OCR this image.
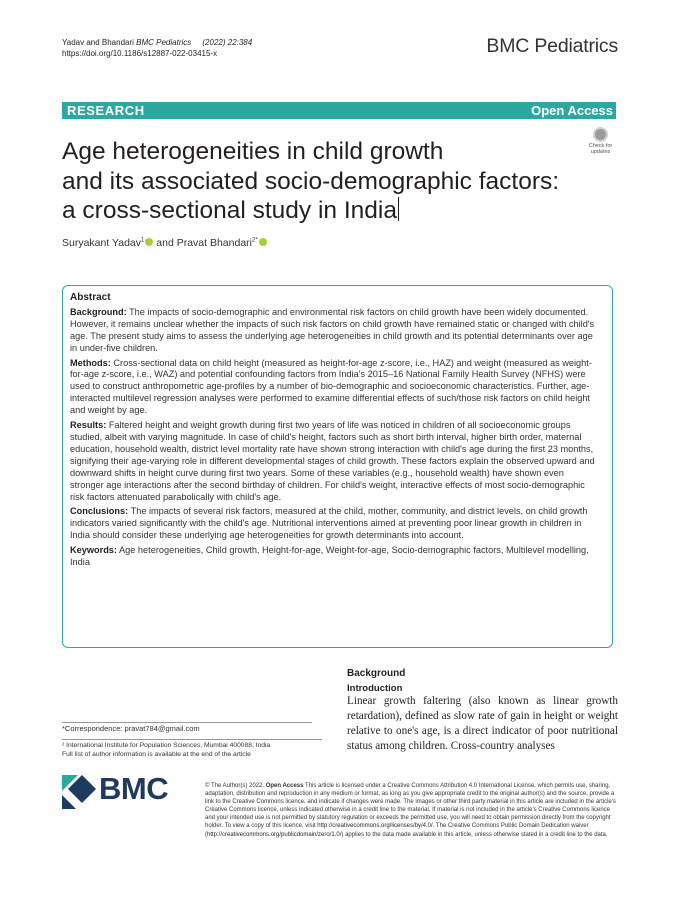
Yadav and Bhandari BMC Pediatrics (2022) 22:384
https://doi.org/10.1186/s12887-022-03415-x	BMC Pediatrics
RESEARCH	Open Access
Check for
updates
Age heterogeneities in child growth
and its associated socio-demographic factors:
a cross-sectional study in India
Suryakant Yadav$^1$ and Pravat Bhandari$^{2*}$
Abstract

Background: The impacts of socio-demographic and environmental risk factors on child growth have been widely documented. However, it remains unclear whether the impacts of such risk factors on child growth have remained static or changed with child's age. The present study aims to assess the underlying age heterogeneities in child growth and its potential determinants over age in under-five children.

Methods: Cross-sectional data on child height (measured as height-for-age z-score, i.e., HAZ) and weight (measured as weight-for-age z-score, i.e., WAZ) and potential confounding factors from India's 2015–16 National Family Health Survey (NFHS) were used to construct anthropometric age-profiles by a number of bio-demographic and socioeconomic characteristics. Further, age-interacted multilevel regression analyses were performed to examine differential effects of such/those risk factors on child height and weight by age.

Results: Faltered height and weight growth during first two years of life was noticed in children of all socioeconomic groups studied, albeit with varying magnitude. In case of child's height, factors such as short birth interval, higher birth order, maternal education, household wealth, district level mortality rate have shown strong interaction with child's age during the first 23 months, signifying their age-varying role in different developmental stages of child growth. These factors explain the observed upward and downward shifts in height curve during first two years. Some of these variables (e.g., household wealth) have shown even stronger age interactions after the second birthday of children. For child's weight, interactive effects of most socio-demographic risk factors attenuated parabolically with child's age.

Conclusions: The impacts of several risk factors, measured at the child, mother, community, and district levels, on child growth indicators varied significantly with the child's age. Nutritional interventions aimed at preventing poor linear growth in children in India should consider these underlying age heterogeneities for growth determinants into account.

Keywords: Age heterogeneities, Child growth, Height-for-age, Weight-for-age, Socio-demographic factors, Multilevel modelling, India

Background
Introduction
Linear growth faltering (also known as linear growth retardation), defined as slow rate of gain in height or weight relative to one's age, is a direct indicator of poor nutritional status among children. Cross-country analyses
*Correspondence: pravat784@gmail.com
² International Institute for Population Sciences, Mumbai 400088, India
Full list of author information is available at the end of the article
BMC	© The Author(s) 2022. Open Access This article is licensed under a Creative Commons Attribution 4.0 International License, which permits use, sharing, adaptation, distribution and reproduction in any medium or format, as long as you give appropriate credit to the original author(s) and the source, provide a link to the Creative Commons licence, and indicate if changes were made. The images or other third party material in this article are included in the article's Creative Commons licence, unless indicated otherwise in a credit line to the material. If material is not included in the article's Creative Commons licence and your intended use is not permitted by statutory regulation or exceeds the permitted use, you will need to obtain permission directly from the copyright holder. To view a copy of this licence, visit http://creativecommons.org/licenses/by/4.0/. The Creative Commons Public Domain Dedication waiver (http://creativecommons.org/publicdomain/zero/1.0/) applies to the data made available in this article, unless otherwise stated in a credit line to the data.
